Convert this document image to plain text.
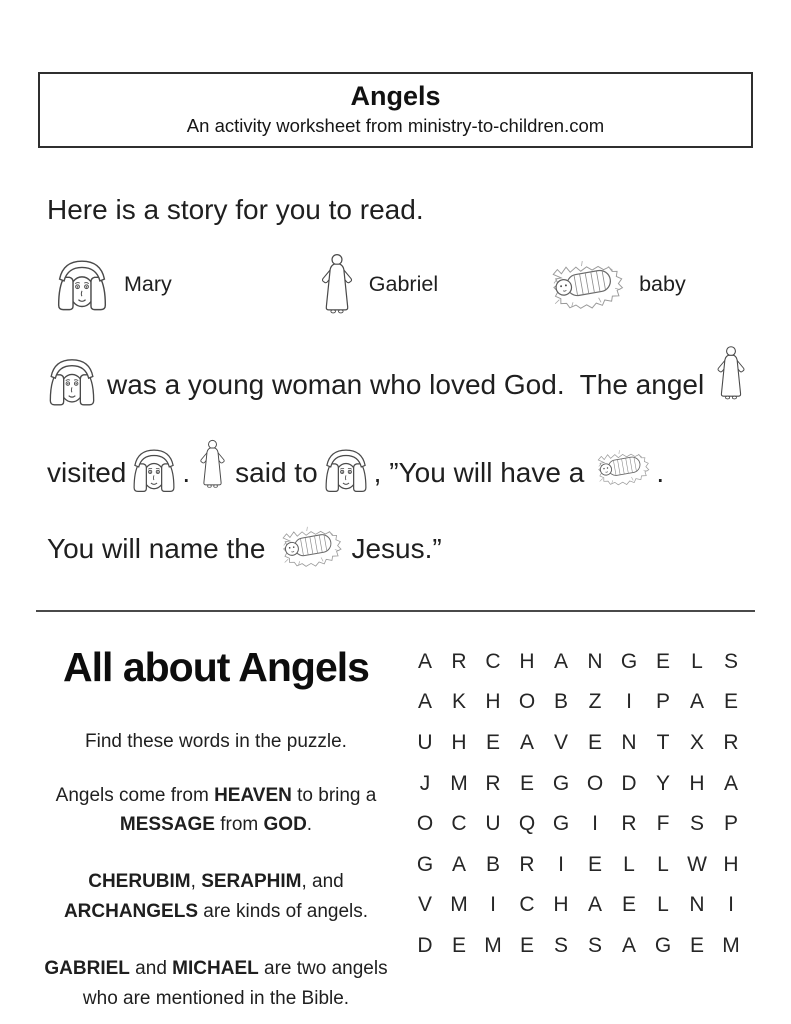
Angels
An activity worksheet from ministry-to-children.com

Here is a story for you to read.

Mary	Gabriel	baby

was a young woman who loved God.  The angel

visited . said to , ”You will have a	.

You will name the	Jesus.”

All about Angels

Find these words in the puzzle.

Angels come from HEAVEN to bring a MESSAGE from GOD.

CHERUBIM, SERAPHIM, and ARCHANGELS are kinds of angels.

GABRIEL and MICHAEL are two angels who are mentioned in the Bible.

A R C H A N G E	L	S
A K H O B Z	I	P A E
U H E A V E N T X R
J M R E G O D Y H A
O C U Q G	I	R F S P
G A B R	I	E	L	L W H
V M	I	C H A E	L N	I
D E M E S S A G E M
